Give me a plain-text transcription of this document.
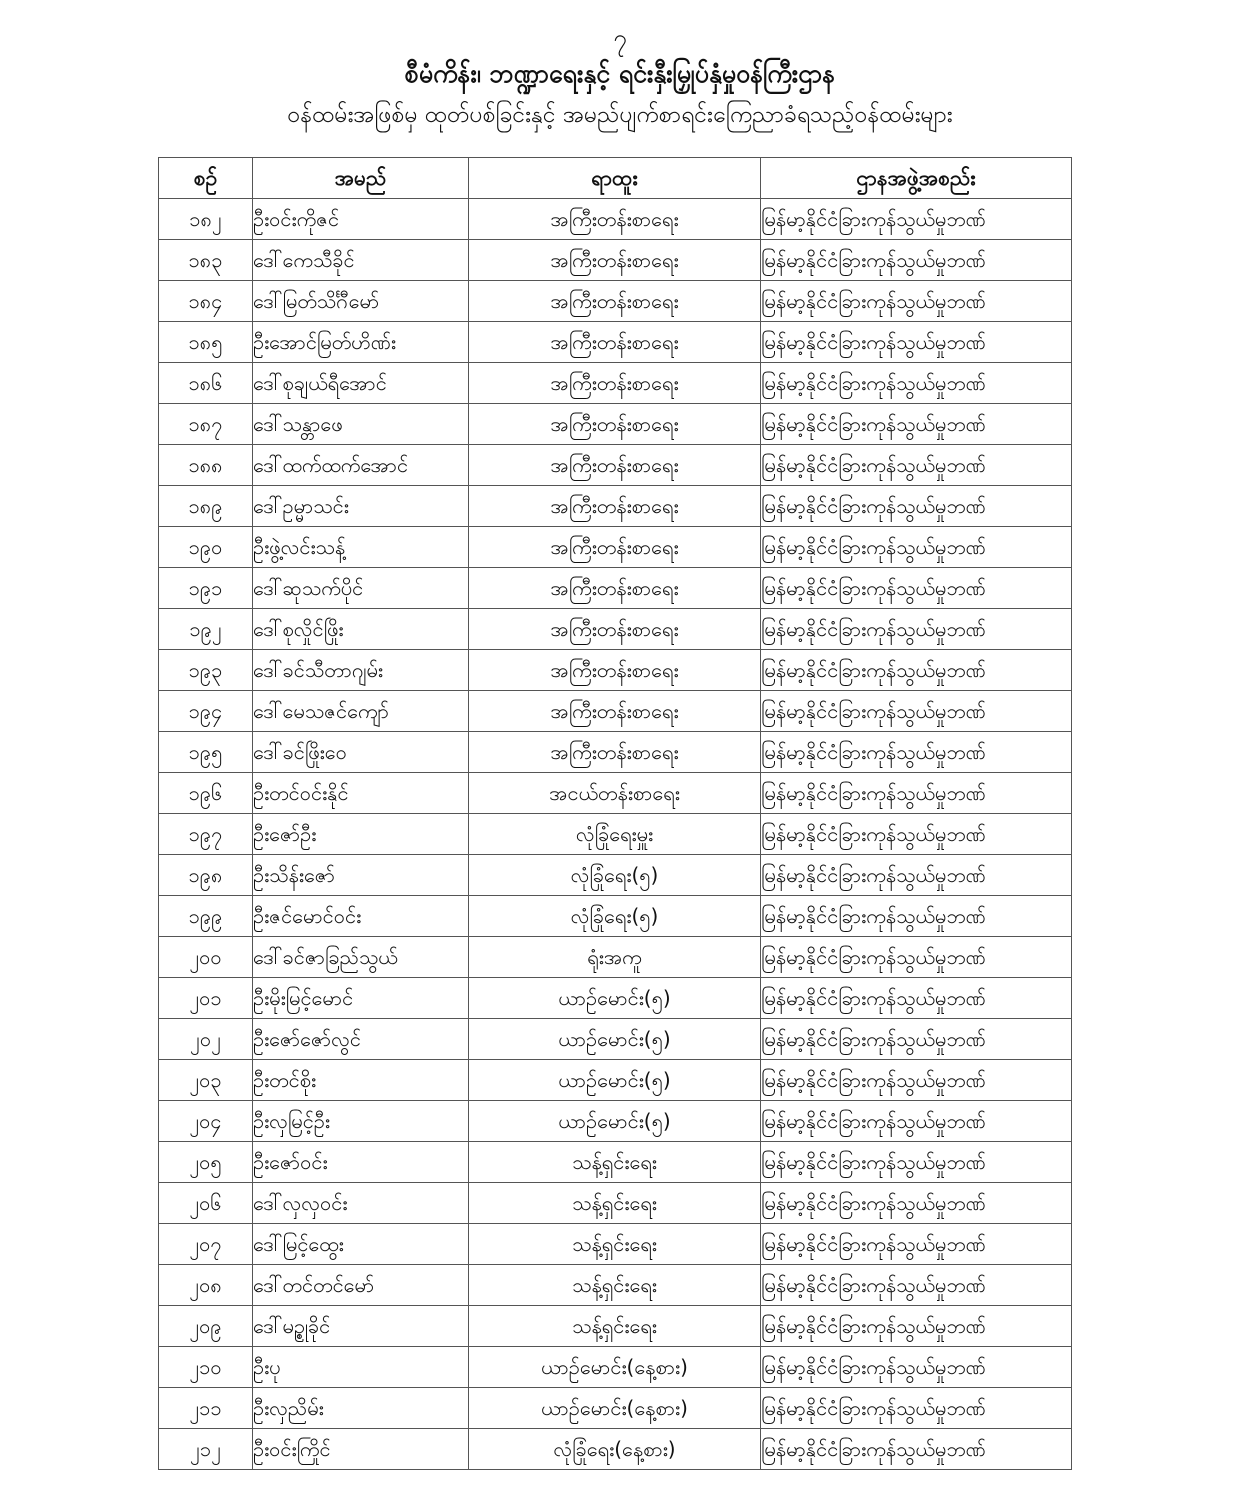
၇
စီမံကိန်း၊ ဘဏ္ဍာရေးနှင့် ရင်းနှီးမြှုပ်နှံမှုဝန်ကြီးဌာန
ဝန်ထမ်းအဖြစ်မှ ထုတ်ပစ်ခြင်းနှင့် အမည်ပျက်စာရင်းကြေညာခံရသည့်ဝန်ထမ်းများ
စဉ်	အမည်	ရာထူး	ဌာနအဖွဲ့အစည်း
၁၈၂	ဦးဝင်းကိုဇင်	အကြီးတန်းစာရေး	မြန်မာ့နိုင်ငံခြားကုန်သွယ်မှုဘဏ်
၁၈၃	ဒေါ်ကေသီခိုင်	အကြီးတန်းစာရေး	မြန်မာ့နိုင်ငံခြားကုန်သွယ်မှုဘဏ်
၁၈၄	ဒေါ်မြတ်သိင်္ဂီမော်	အကြီးတန်းစာရေး	မြန်မာ့နိုင်ငံခြားကုန်သွယ်မှုဘဏ်
၁၈၅	ဦးအောင်မြတ်ဟိဏ်း	အကြီးတန်းစာရေး	မြန်မာ့နိုင်ငံခြားကုန်သွယ်မှုဘဏ်
၁၈၆	ဒေါ်စုချယ်ရီအောင်	အကြီးတန်းစာရေး	မြန်မာ့နိုင်ငံခြားကုန်သွယ်မှုဘဏ်
၁၈၇	ဒေါ်သန္တာဖေ	အကြီးတန်းစာရေး	မြန်မာ့နိုင်ငံခြားကုန်သွယ်မှုဘဏ်
၁၈၈	ဒေါ်ထက်ထက်အောင်	အကြီးတန်းစာရေး	မြန်မာ့နိုင်ငံခြားကုန်သွယ်မှုဘဏ်
၁၈၉	ဒေါ်ဥမ္မာသင်း	အကြီးတန်းစာရေး	မြန်မာ့နိုင်ငံခြားကုန်သွယ်မှုဘဏ်
၁၉၀	ဦးဖွဲ့လင်းသန့်	အကြီးတန်းစာရေး	မြန်မာ့နိုင်ငံခြားကုန်သွယ်မှုဘဏ်
၁၉၁	ဒေါ်ဆုသက်ပိုင်	အကြီးတန်းစာရေး	မြန်မာ့နိုင်ငံခြားကုန်သွယ်မှုဘဏ်
၁၉၂	ဒေါ်စုလှိုင်ဖြိုး	အကြီးတန်းစာရေး	မြန်မာ့နိုင်ငံခြားကုန်သွယ်မှုဘဏ်
၁၉၃	ဒေါ်ခင်သီတာဂျမ်း	အကြီးတန်းစာရေး	မြန်မာ့နိုင်ငံခြားကုန်သွယ်မှုဘဏ်
၁၉၄	ဒေါ်မေသဇင်ကျော်	အကြီးတန်းစာရေး	မြန်မာ့နိုင်ငံခြားကုန်သွယ်မှုဘဏ်
၁၉၅	ဒေါ်ခင်ဖြိုးဝေ	အကြီးတန်းစာရေး	မြန်မာ့နိုင်ငံခြားကုန်သွယ်မှုဘဏ်
၁၉၆	ဦးတင်ဝင်းနိုင်	အငယ်တန်းစာရေး	မြန်မာ့နိုင်ငံခြားကုန်သွယ်မှုဘဏ်
၁၉၇	ဦးဇော်ဦး	လုံခြုံရေးမှူး	မြန်မာ့နိုင်ငံခြားကုန်သွယ်မှုဘဏ်
၁၉၈	ဦးသိန်းဇော်	လုံခြုံရေး(၅)	မြန်မာ့နိုင်ငံခြားကုန်သွယ်မှုဘဏ်
၁၉၉	ဦးဇင်မောင်ဝင်း	လုံခြုံရေး(၅)	မြန်မာ့နိုင်ငံခြားကုန်သွယ်မှုဘဏ်
၂၀၀	ဒေါ်ခင်ဇာခြည်သွယ်	ရုံးအကူ	မြန်မာ့နိုင်ငံခြားကုန်သွယ်မှုဘဏ်
၂၀၁	ဦးမိုးမြင့်မောင်	ယာဉ်မောင်း(၅)	မြန်မာ့နိုင်ငံခြားကုန်သွယ်မှုဘဏ်
၂၀၂	ဦးဇော်ဇော်လွင်	ယာဉ်မောင်း(၅)	မြန်မာ့နိုင်ငံခြားကုန်သွယ်မှုဘဏ်
၂၀၃	ဦးတင်စိုး	ယာဉ်မောင်း(၅)	မြန်မာ့နိုင်ငံခြားကုန်သွယ်မှုဘဏ်
၂၀၄	ဦးလှမြင့်ဦး	ယာဉ်မောင်း(၅)	မြန်မာ့နိုင်ငံခြားကုန်သွယ်မှုဘဏ်
၂၀၅	ဦးဇော်ဝင်း	သန့်ရှင်းရေး	မြန်မာ့နိုင်ငံခြားကုန်သွယ်မှုဘဏ်
၂၀၆	ဒေါ်လှလှဝင်း	သန့်ရှင်းရေး	မြန်မာ့နိုင်ငံခြားကုန်သွယ်မှုဘဏ်
၂၀၇	ဒေါ်မြင့်ထွေး	သန့်ရှင်းရေး	မြန်မာ့နိုင်ငံခြားကုန်သွယ်မှုဘဏ်
၂၀၈	ဒေါ်တင်တင်မော်	သန့်ရှင်းရေး	မြန်မာ့နိုင်ငံခြားကုန်သွယ်မှုဘဏ်
၂၀၉	ဒေါ်မဥ္စုခိုင်	သန့်ရှင်းရေး	မြန်မာ့နိုင်ငံခြားကုန်သွယ်မှုဘဏ်
၂၁၀	ဦးပု	ယာဉ်မောင်း(နေ့စား)	မြန်မာ့နိုင်ငံခြားကုန်သွယ်မှုဘဏ်
၂၁၁	ဦးလှညိမ်း	ယာဉ်မောင်း(နေ့စား)	မြန်မာ့နိုင်ငံခြားကုန်သွယ်မှုဘဏ်
၂၁၂	ဦးဝင်းကြိုင်	လုံခြုံရေး(နေ့စား)	မြန်မာ့နိုင်ငံခြားကုန်သွယ်မှုဘဏ်
